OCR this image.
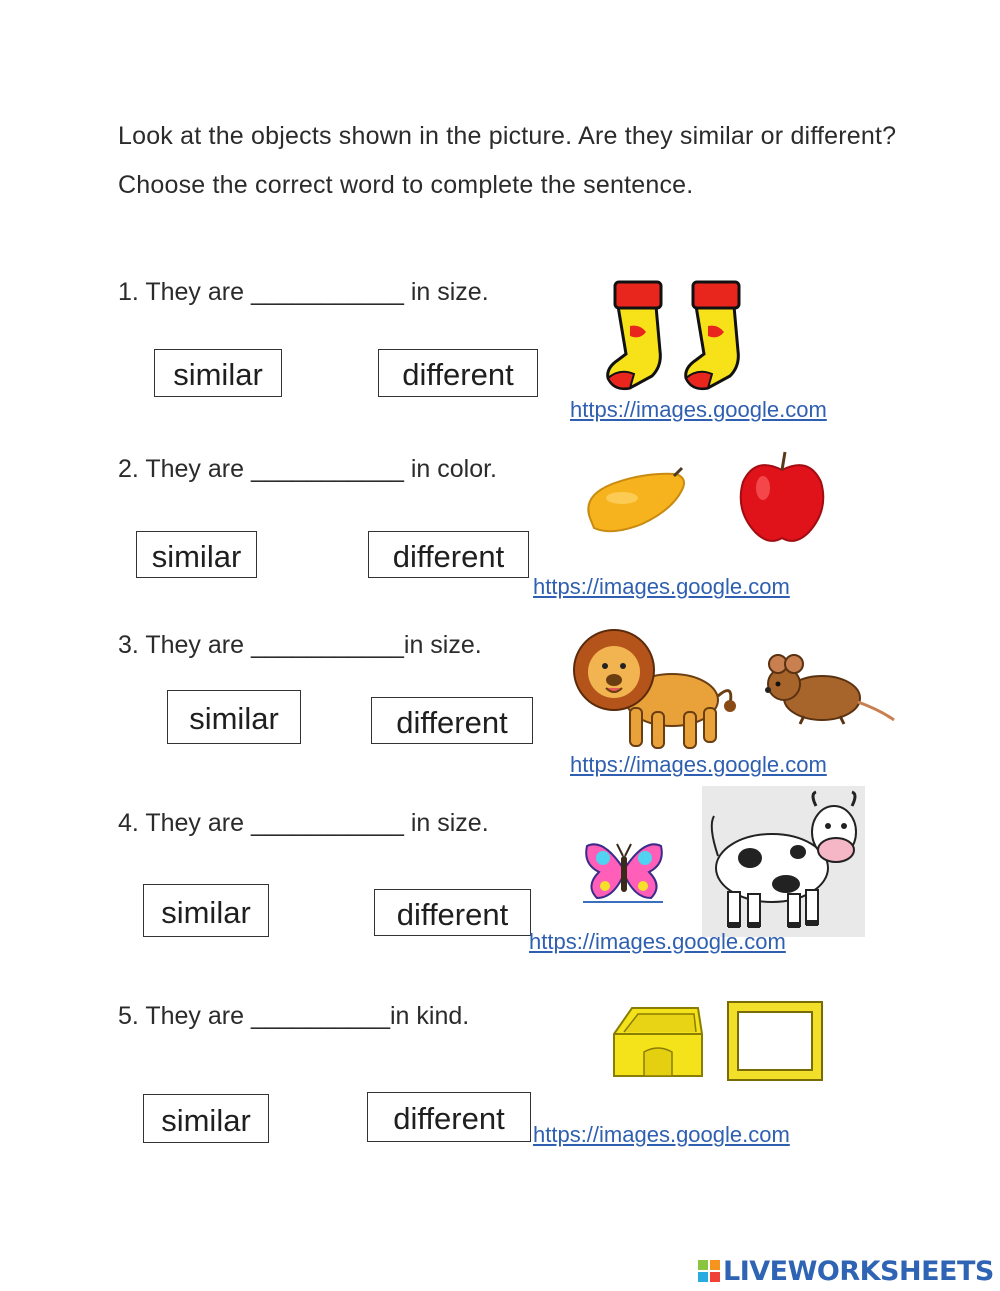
Look at the objects shown in the picture. Are they similar or different? Choose the correct word to complete the sentence.
1. They are ___________ in size.
similar	different
https://images.google.com
2. They are ___________ in color.
similar	different
https://images.google.com
3. They are ___________in size.
similar	different
https://images.google.com
4. They are ___________ in size.
similar	different
https://images.google.com
5. They are __________in kind.
similar	different	https://images.google.com
LIVEWORKSHEETS
